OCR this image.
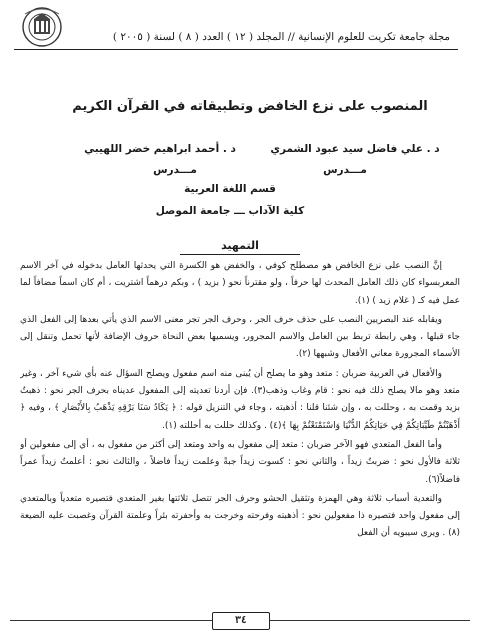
مجلة جامعة تكريت للعلوم الإنسانية // المجلد ( ١٢ ) العدد ( ٨ ) لسنة ( ٢٠٠٥ )
المنصوب على نزع الخافض وتطبيقاته في القرآن الكريم
د . علي فاضل سيد عبود الشمري
د . أحمد ابراهيم خضر اللهيبي
مـــدرس
مـــدرس
قسم اللغة العربية
كلية الآداب ـــ جامعة الموصل
التمهيد

إنَّ النصب على نزع الخافض هو مصطلح كوفي ، والخفض هو الكسرة التي يحدثها العامل بدخوله في آخر الاسم المعربسواء كان ذلك العامل المحدث لها حرفاً ، ولو مقترناً نحو ( بزيد ) ، وبكم درهماً اشتريت ، أم كان اسماً مضافاً لما عمل فيه كـ ( غلام زيد ) (١).

ويقابله عند البصريين النصب على حذف حرف الجر ، وحرف الجر تجر معنى الاسم الذي يأتي بعدها إلى الفعل الذي جاء قبلها ، وهي رابطة تربط بين العامل والاسم المجرور، ويسميها بعض النحاة حروف الإضافة لأنها تحمل وتنقل إلى الأسماء المجرورة معاني الأفعال وشبهها (٢).

والأفعال في العربية ضربان : متعد وهو ما يصلح أن يُبنى منه اسم مفعول ويصلح السؤال عنه بأي شيء آخر ، وغير متعد وهو مالا يصلح ذلك فيه نحو : قام وغاب وذهب(٣). فإن أردنا تعديته إلى المفعول عديناه بحرف الجر نحو : ذهبتُ بزيد وقمت به ، وحللت به ، وإن شئنا قلنا : أذهبته ، وجاء في التنزيل قوله : ﴿ يَكَادُ سَنَا بَرْقِهِ يَذْهَبُ بِالأَبْصَارِ ﴾ ، وفيه ﴿ أَذْهَبْتُمْ طَيِّبَاتِكُمْ فِي حَيَاتِكُمُ الدُّنْيَا وَاسْتَمْتَعْتُمْ بِهَا ﴾(٤) . وكذلك حللت به أحللته (١).

وأما الفعل المتعدي فهو الآخر ضربان : متعد إلى مفعول به واحد ومتعد إلى أكثر من مفعول به ، أي إلى مفعولين أو ثلاثة فالأول نحو : ضربتُ زيداً ، والثاني نحو : كسوت زيداً جبةً وعلمت زيداً فاضلاً ، والثالث نحو : أعلمتُ زيداً عمراً فاضلاً(٦).

والتعدية أسباب ثلاثة وهي الهمزة وتثقيل الحشو وحرف الجر تتصل ثلاثتها بغير المتعدي فتصيره متعدياً وبالمتعدي إلى مفعول واحد فتصيره ذا مفعولين نحو : أذهبته وفرحته وخرجت به وأحفرته بئراً وعلمتة القرآن وغصبت عليه الضيعة (٨) . ويرى سيبويه أن الفعل

٣٤
